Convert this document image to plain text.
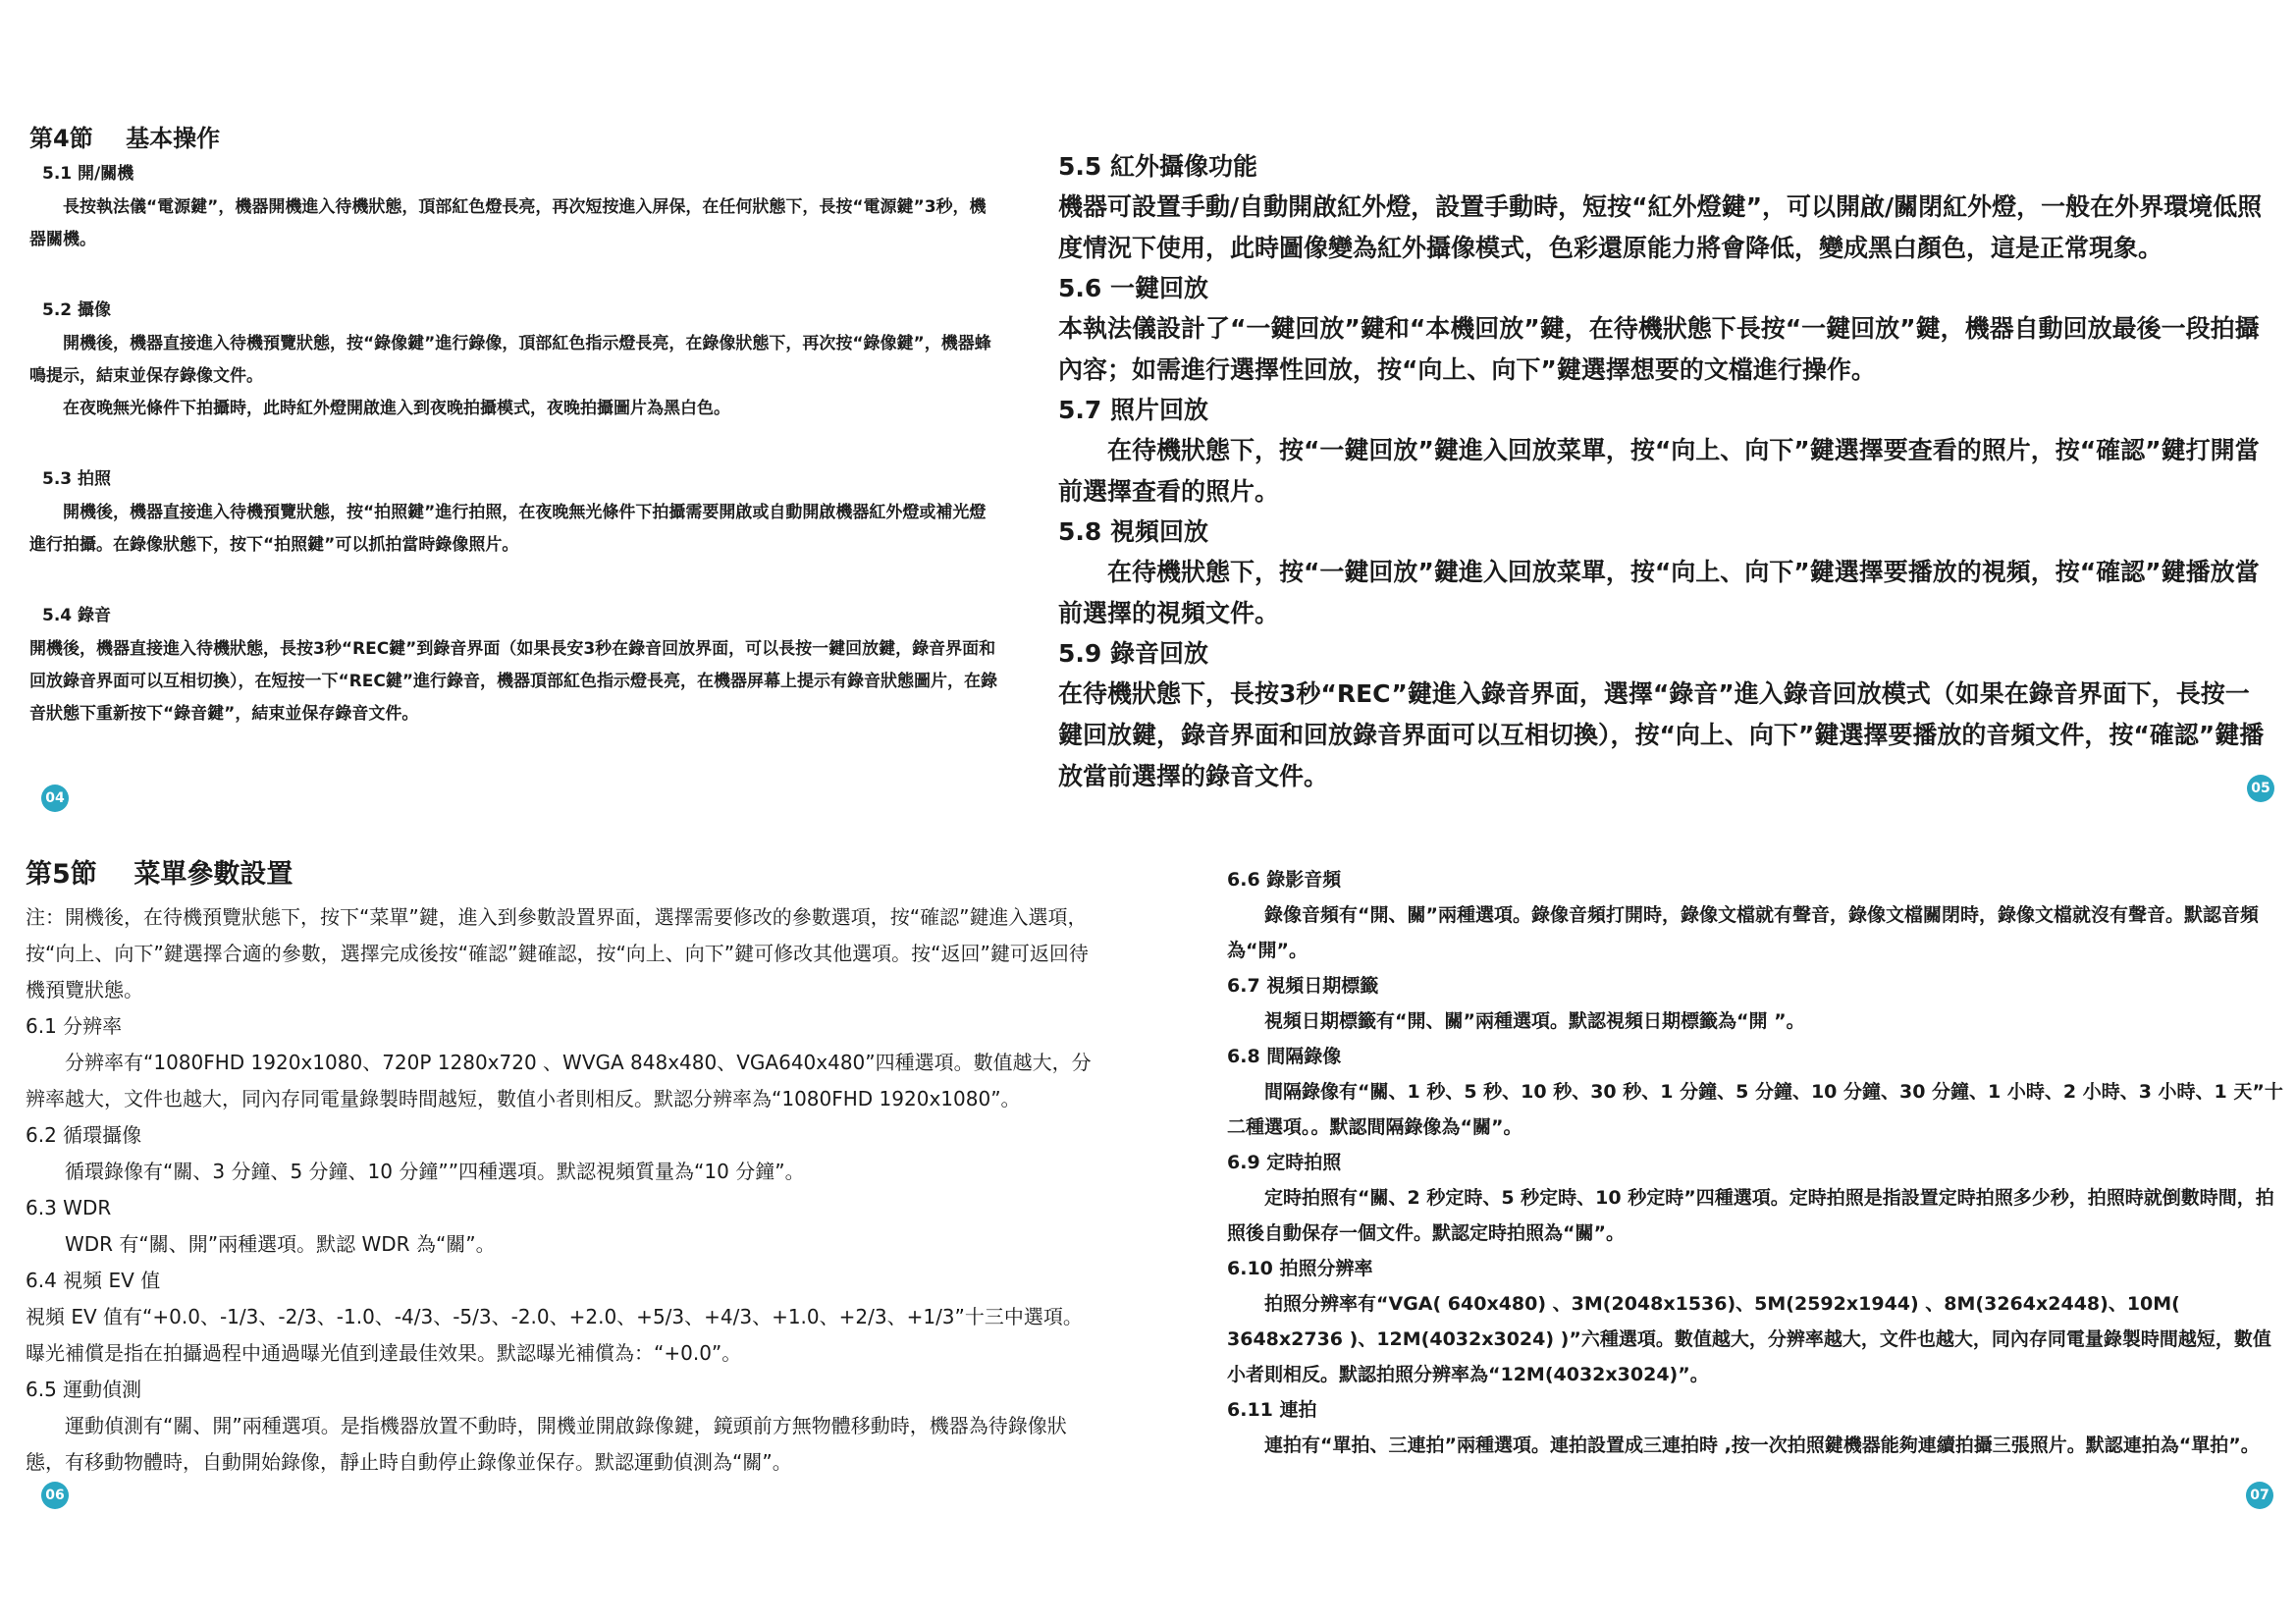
第4節    基本操作

5.1 開/關機

長按執法儀“電源鍵”，機器開機進入待機狀態，頂部紅色燈長亮，再次短按進入屏保，在任何狀態下，長按“電源鍵”3秒，機器關機。

5.2 攝像

開機後，機器直接進入待機預覽狀態，按“錄像鍵”進行錄像，頂部紅色指示燈長亮，在錄像狀態下，再次按“錄像鍵”，機器蜂鳴提示，結束並保存錄像文件。

在夜晚無光條件下拍攝時，此時紅外燈開啟進入到夜晚拍攝模式，夜晚拍攝圖片為黑白色。

5.3 拍照

開機後，機器直接進入待機預覽狀態，按“拍照鍵”進行拍照，在夜晚無光條件下拍攝需要開啟或自動開啟機器紅外燈或補光燈進行拍攝。在錄像狀態下，按下“拍照鍵”可以抓拍當時錄像照片。

5.4 錄音

開機後，機器直接進入待機狀態，長按3秒“REC鍵”到錄音界面（如果長安3秒在錄音回放界面，可以長按一鍵回放鍵，錄音界面和回放錄音界面可以互相切換），在短按一下“REC鍵”進行錄音，機器頂部紅色指示燈長亮，在機器屏幕上提示有錄音狀態圖片，在錄音狀態下重新按下“錄音鍵”，結束並保存錄音文件。

04

5.5 紅外攝像功能

機器可設置手動/自動開啟紅外燈，設置手動時，短按“紅外燈鍵”，可以開啟/關閉紅外燈，一般在外界環境低照度情況下使用，此時圖像變為紅外攝像模式，色彩還原能力將會降低，變成黑白顏色，這是正常現象。

5.6 一鍵回放

本執法儀設計了“一鍵回放”鍵和“本機回放”鍵，在待機狀態下長按“一鍵回放”鍵，機器自動回放最後一段拍攝內容；如需進行選擇性回放，按“向上、向下”鍵選擇想要的文檔進行操作。

5.7 照片回放

在待機狀態下，按“一鍵回放”鍵進入回放菜單，按“向上、向下”鍵選擇要查看的照片，按“確認”鍵打開當前選擇查看的照片。

5.8 視頻回放

在待機狀態下，按“一鍵回放”鍵進入回放菜單，按“向上、向下”鍵選擇要播放的視頻，按“確認”鍵播放當前選擇的視頻文件。

5.9 錄音回放

在待機狀態下，長按3秒“REC”鍵進入錄音界面，選擇“錄音”進入錄音回放模式（如果在錄音界面下，長按一鍵回放鍵，錄音界面和回放錄音界面可以互相切換），按“向上、向下”鍵選擇要播放的音頻文件，按“確認”鍵播放當前選擇的錄音文件。	05
第5節    菜單參數設置

注：開機後，在待機預覽狀態下，按下“菜單”鍵，進入到參數設置界面，選擇需要修改的參數選項，按“確認”鍵進入選項，按“向上、向下”鍵選擇合適的參數，選擇完成後按“確認”鍵確認，按“向上、向下”鍵可修改其他選項。按“返回”鍵可返回待機預覽狀態。

6.1 分辨率

分辨率有“1080FHD 1920x1080、720P 1280x720 、WVGA 848x480、VGA640x480”四種選項。數值越大，分辨率越大，文件也越大，同內存同電量錄製時間越短，數值小者則相反。默認分辨率為“1080FHD 1920x1080”。

6.2 循環攝像

循環錄像有“關、3 分鐘、5 分鐘、10 分鐘””四種選項。默認視頻質量為“10 分鐘”。

6.3 WDR

WDR 有“關、開”兩種選項。默認 WDR 為“關”。

6.4 視頻 EV 值

視頻 EV 值有“+0.0、-1/3、-2/3、-1.0、-4/3、-5/3、-2.0、+2.0、+5/3、+4/3、+1.0、+2/3、+1/3”十三中選項。曝光補償是指在拍攝過程中通過曝光值到達最佳效果。默認曝光補償為：“+0.0”。

6.5 運動偵測

運動偵測有“關、開”兩種選項。是指機器放置不動時，開機並開啟錄像鍵，鏡頭前方無物體移動時，機器為待錄像狀態，有移動物體時，自動開始錄像，靜止時自動停止錄像並保存。默認運動偵測為“關”。

06

6.6 錄影音頻

錄像音頻有“開、關”兩種選項。錄像音頻打開時，錄像文檔就有聲音，錄像文檔關閉時，錄像文檔就沒有聲音。默認音頻為“開”。

6.7 視頻日期標籤

視頻日期標籤有“開、關”兩種選項。默認視頻日期標籤為“開 ”。

6.8 間隔錄像

間隔錄像有“關、1 秒、5 秒、10 秒、30 秒、1 分鐘、5 分鐘、10 分鐘、30 分鐘、1 小時、2 小時、3 小時、1 天”十二種選項。。默認間隔錄像為“關”。

6.9 定時拍照

定時拍照有“關、2 秒定時、5 秒定時、10 秒定時”四種選項。定時拍照是指設置定時拍照多少秒，拍照時就倒數時間，拍照後自動保存一個文件。默認定時拍照為“關”。

6.10 拍照分辨率

拍照分辨率有“VGA( 640x480) 、3M(2048x1536)、5M(2592x1944) 、8M(3264x2448)、10M( 3648x2736 )、12M(4032x3024) )”六種選項。數值越大，分辨率越大，文件也越大，同內存同電量錄製時間越短，數值小者則相反。默認拍照分辨率為“12M(4032x3024)”。

6.11 連拍

連拍有“單拍、三連拍”兩種選項。連拍設置成三連拍時 ,按一次拍照鍵機器能夠連續拍攝三張照片。默認連拍為“單拍”。

07
